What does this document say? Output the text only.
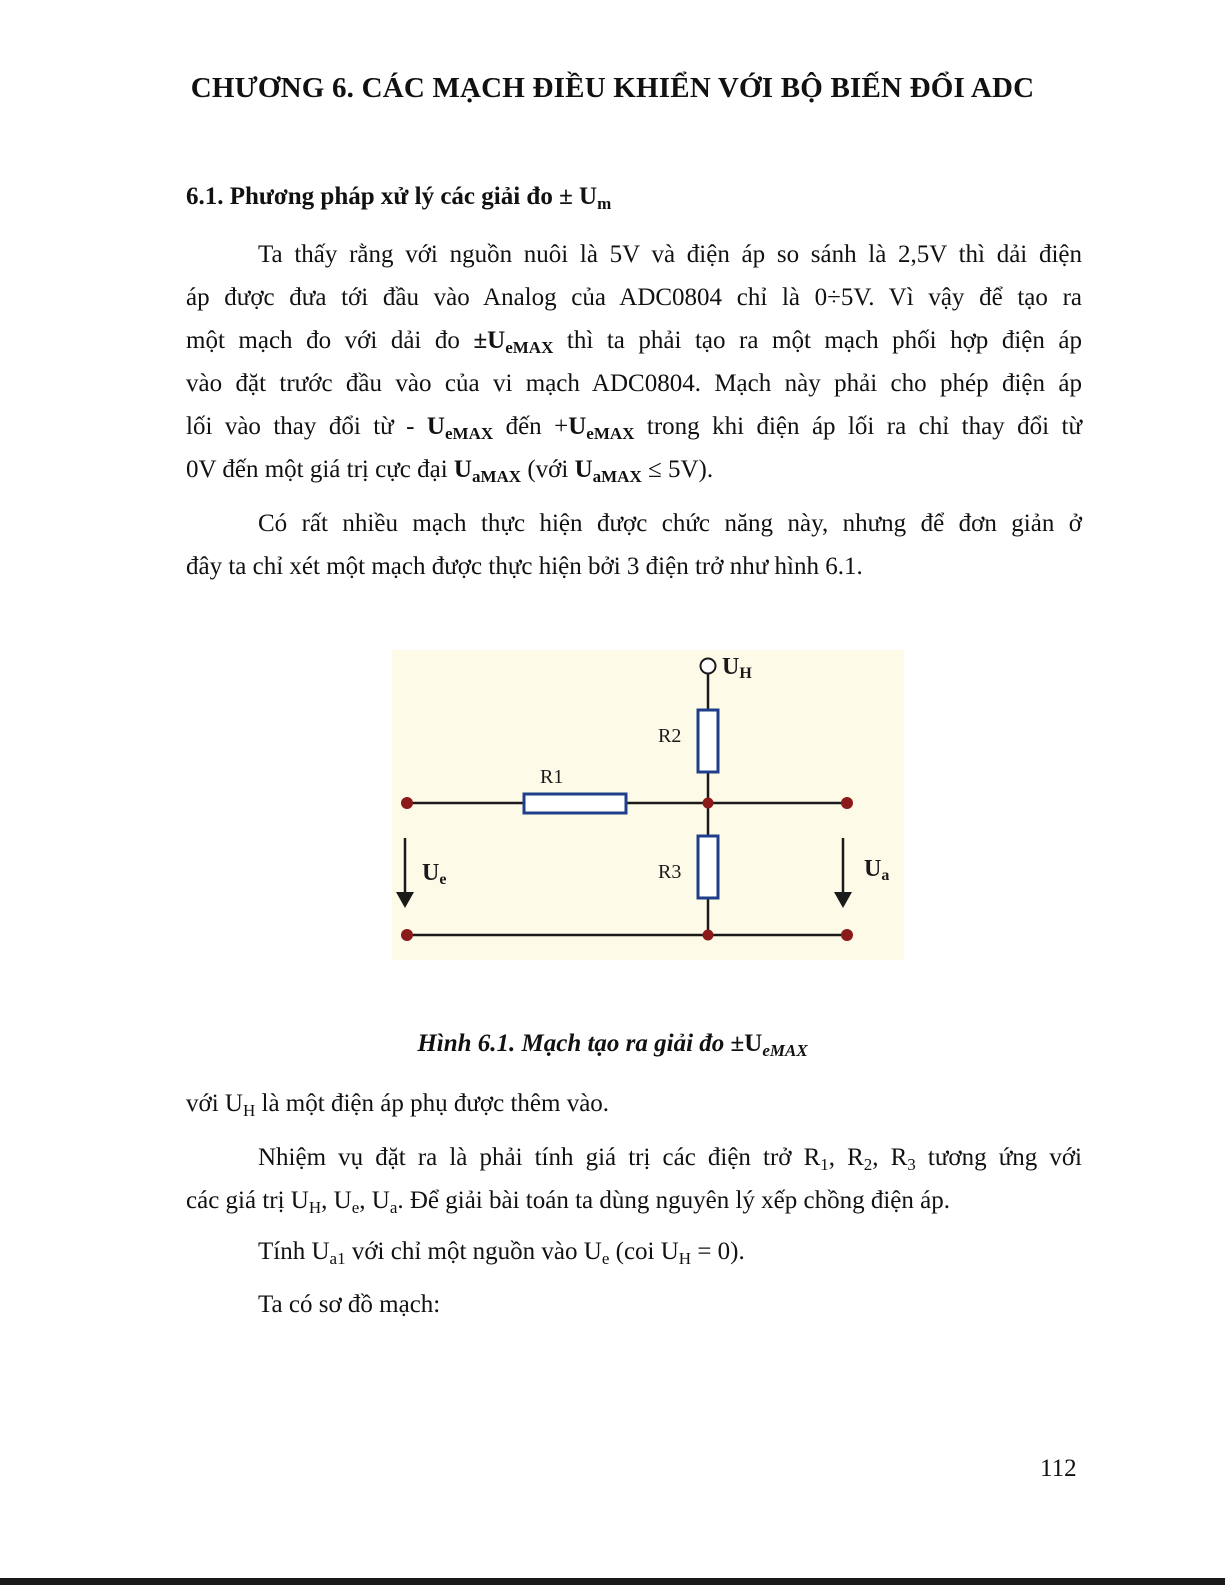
CHƯƠNG 6. CÁC MẠCH ĐIỀU KHIỂN VỚI BỘ BIẾN ĐỔI ADC
6.1. Phương pháp xử lý các giải đo ± $U_m$
Ta thấy rằng với nguồn nuôi là 5V và điện áp so sánh là 2,5V thì dải điện
áp được đưa tới đầu vào Analog của ADC0804 chỉ là 0÷5V. Vì vậy để tạo ra
một mạch đo với dải đo $\pm U_{eMAX}$ thì ta phải tạo ra một mạch phối hợp điện áp
vào đặt trước đầu vào của vi mạch ADC0804. Mạch này phải cho phép điện áp
lối vào thay đổi từ - $U_{eMAX}$ đến $+U_{eMAX}$ trong khi điện áp lối ra chỉ thay đổi từ
0V đến một giá trị cực đại $U_{aMAX}$ (với $U_{aMAX} \le 5V$).
Có rất nhiều mạch thực hiện được chức năng này, nhưng để đơn giản ở
đây ta chỉ xét một mạch được thực hiện bởi 3 điện trở như hình 6.1.
UH
R2
R1
R3
Ue	Ua
Hình 6.1. Mạch tạo ra giải đo $\pm U_{eMAX}$
với $U_H$ là một điện áp phụ được thêm vào.
Nhiệm vụ đặt ra là phải tính giá trị các điện trở $R_1$, $R_2$, $R_3$ tương ứng với
các giá trị $U_H$, $U_e$, $U_a$. Để giải bài toán ta dùng nguyên lý xếp chồng điện áp.
Tính $U_{a1}$ với chỉ một nguồn vào $U_e$ (coi $U_H = 0$).
Ta có sơ đồ mạch:
112
